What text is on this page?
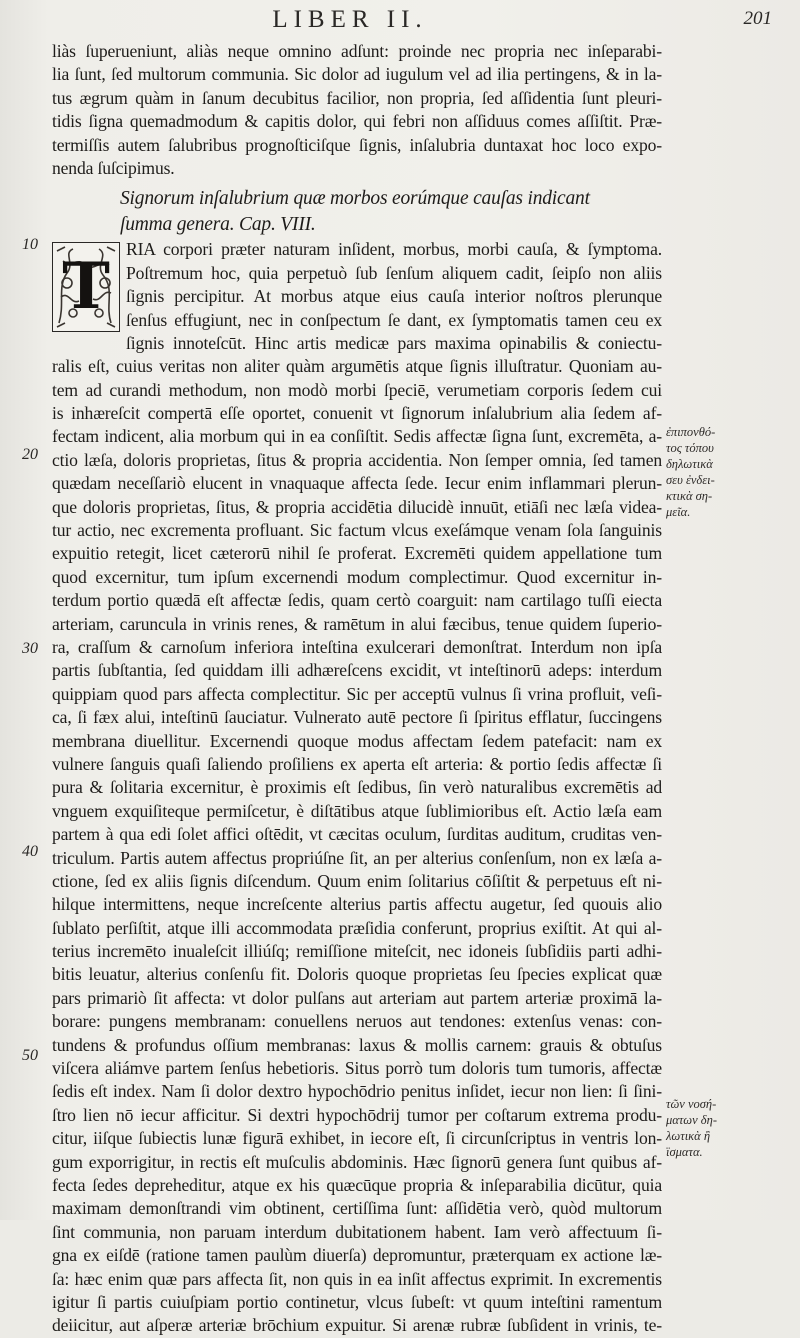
LIBER II.	201

liàs ſuperueniunt, aliàs neque omnino adſunt: proinde nec propria nec inſeparabi-
lia ſunt, ſed multorum communia. Sic dolor ad iugulum vel ad ilia pertingens, & in la-
tus ægrum quàm in ſanum decubitus facilior, non propria, ſed aſſidentia ſunt pleuri-
tidis ſigna quemadmodum & capitis dolor, qui febri non aſſiduus comes aſſiſtit. Præ-
termiſſis autem ſalubribus prognoſticiſque ſignis, inſalubria duntaxat hoc loco expo-
nenda ſuſcipimus.
Signorum inſalubrium quæ morbos eorúmque cauſas indicant
ſumma genera. Cap. VIII.
T RIA corpori præter naturam inſident, morbus, morbi cauſa, & ſymptoma.
Poſtremum hoc, quia perpetuò ſub ſenſum aliquem cadit, ſeipſo non aliis
ſignis percipitur. At morbus atque eius cauſa interior noſtros plerunque
ſenſus effugiunt, nec in conſpectum ſe dant, ex ſymptomatis tamen ceu ex
ſignis innoteſcūt. Hinc artis medicæ pars maxima opinabilis & coniectu-
ralis eſt, cuius veritas non aliter quàm argumētis atque ſignis illuſtratur. Quoniam au-
tem ad curandi methodum, non modò morbi ſpeciē, verumetiam corporis ſedem cui
is inhæreſcit compertā eſſe oportet, conuenit vt ſignorum inſalubrium alia ſedem af-
fectam indicent, alia morbum qui in ea conſiſtit. Sedis affectæ ſigna ſunt, excremēta, a-
ctio læſa, doloris proprietas, ſitus & propria accidentia. Non ſemper omnia, ſed tamen
quædam neceſſariò elucent in vnaquaque affecta ſede. Iecur enim inflammari plerun-
que doloris proprietas, ſitus, & propria accidētia dilucidè innuūt, etiāſi nec læſa videa-
tur actio, nec excrementa profluant. Sic factum vlcus exeſámque venam ſola ſanguinis
expuitio retegit, licet cæterorū nihil ſe proferat. Excremēti quidem appellatione tum
quod excernitur, tum ipſum excernendi modum complectimur. Quod excernitur in-
terdum portio quædā eſt affectæ ſedis, quam certò coarguit: nam cartilago tuſſi eiecta
arteriam, caruncula in vrinis renes, & ramētum in alui fæcibus, tenue quidem ſuperio-
ra, craſſum & carnoſum inferiora inteſtina exulcerari demonſtrat. Interdum non ipſa
partis ſubſtantia, ſed quiddam illi adhæreſcens excidit, vt inteſtinorū adeps: interdum
quippiam quod pars affecta complectitur. Sic per acceptū vulnus ſi vrina profluit, veſi-
ca, ſi fæx alui, inteſtinū ſauciatur. Vulnerato autē pectore ſi ſpiritus efflatur, ſuccingens
membrana diuellitur. Excernendi quoque modus affectam ſedem patefacit: nam ex
vulnere ſanguis quaſi ſaliendo proſiliens ex aperta eſt arteria: & portio ſedis affectæ ſi
pura & ſolitaria excernitur, è proximis eſt ſedibus, ſin verò naturalibus excremētis ad
vnguem exquiſiteque permiſcetur, è diſtātibus atque ſublimioribus eſt. Actio læſa eam
partem à qua edi ſolet affici oſtēdit, vt cæcitas oculum, ſurditas auditum, cruditas ven-
triculum. Partis autem affectus propriúſne ſit, an per alterius conſenſum, non ex læſa a-
ctione, ſed ex aliis ſignis diſcendum. Quum enim ſolitarius cōſiſtit & perpetuus eſt ni-
hilque intermittens, neque increſcente alterius partis affectu augetur, ſed quouis alio
ſublato perſiſtit, atque illi accommodata præſidia conferunt, proprius exiſtit. At qui al-
terius incremēto inualeſcit illiúſq; remiſſione miteſcit, nec idoneis ſubſidiis parti adhi-
bitis leuatur, alterius conſenſu fit. Doloris quoque proprietas ſeu ſpecies explicat quæ
pars primariò ſit affecta: vt dolor pulſans aut arteriam aut partem arteriæ proximā la-
borare: pungens membranam: conuellens neruos aut tendones: extenſus venas: con-
tundens & profundus oſſium membranas: laxus & mollis carnem: grauis & obtuſus
viſcera aliámve partem ſenſus hebetioris. Situs porrò tum doloris tum tumoris, affectæ
ſedis eſt index. Nam ſi dolor dextro hypochōdrio penitus inſidet, iecur non lien: ſi ſini-
ſtro lien nō iecur afficitur. Si dextri hypochōdrij tumor per coſtarum extrema produ-
citur, iiſque ſubiectis lunæ figurā exhibet, in iecore eſt, ſi circunſcriptus in ventris lon-
gum exporrigitur, in rectis eſt muſculis abdominis. Hæc ſignorū genera ſunt quibus af-
fecta ſedes depreheditur, atque ex his quæcūque propria & inſeparabilia dicūtur, quia
maximam demonſtrandi vim obtinent, certiſſima ſunt: aſſidētia verò, quòd multorum
ſint communia, non paruam interdum dubitationem habent. Iam verò affectuum ſi-
gna ex eiſdē (ratione tamen paulùm diuerſa) depromuntur, præterquam ex actione læ-
ſa: hæc enim quæ pars affecta ſit, non quis in ea inſit affectus exprimit. In excrementis
igitur ſi partis cuiuſpiam portio continetur, vlcus ſubeſt: vt quum inteſtini ramentum
deiicitur, aut aſperæ arteriæ brōchium expuitur. Si arenæ rubræ ſubſident in vrinis, te-
10
20
30
40
50
ἐπιπονθό-
τος τόπου
δηλωτικὰ
σευ ἐνδει-
κτικὰ ση-
μεῖα.
τῶν νοσή-
ματων δη-
λωτικὰ ἢ
ϊσματα.
